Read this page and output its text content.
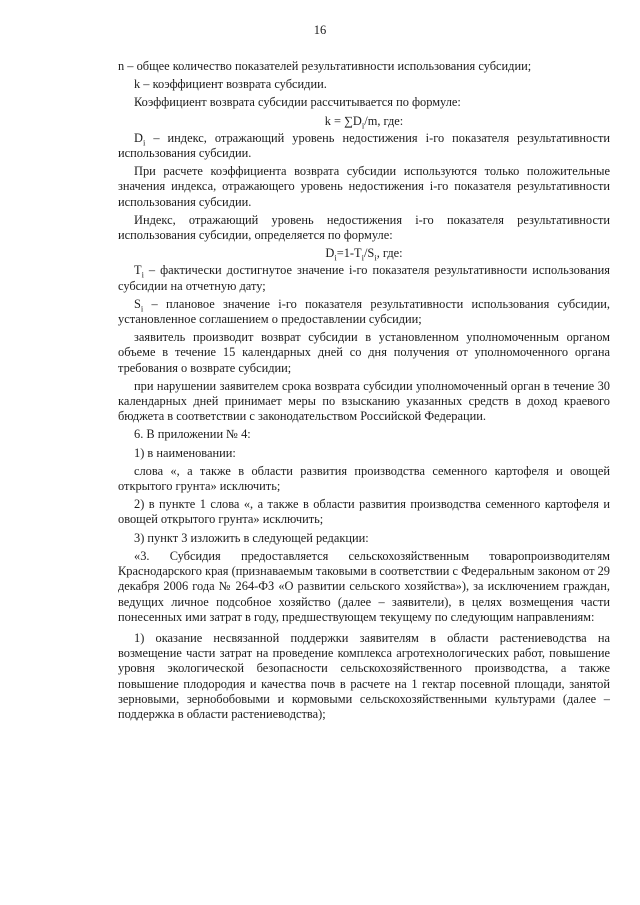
16

n – общее количество показателей результативности использования субсидии;

k – коэффициент возврата субсидии.

Коэффициент возврата субсидии рассчитывается по формуле:

$k = \sum D_i/m$, где:

$D_i$ – индекс, отражающий уровень недостижения i-го показателя результативности использования субсидии.

При расчете коэффициента возврата субсидии используются только положительные значения индекса, отражающего уровень недостижения i-го показателя результативности использования субсидии.

Индекс, отражающий уровень недостижения i-го показателя результативности использования субсидии, определяется по формуле:

$D_i=1-T_i/S_i$, где:

$T_i$ – фактически достигнутое значение i-го показателя результативности использования субсидии на отчетную дату;

$S_i$ – плановое значение i-го показателя результативности использования субсидии, установленное соглашением о предоставлении субсидии;

заявитель производит возврат субсидии в установленном уполномоченным органом объеме в течение 15 календарных дней со дня получения от уполномоченного органа требования о возврате субсидии;

при нарушении заявителем срока возврата субсидии уполномоченный орган в течение 30 календарных дней принимает меры по взысканию указанных средств в доход краевого бюджета в соответствии с законодательством Российской Федерации.

6. В приложении № 4:

1) в наименовании:

слова «, а также в области развития производства семенного картофеля и овощей открытого грунта» исключить;

2) в пункте 1 слова «, а также в области развития производства семенного картофеля и овощей открытого грунта» исключить;

3) пункт 3 изложить в следующей редакции:

«3. Субсидия предоставляется сельскохозяйственным товаропроизводителям Краснодарского края (признаваемым таковыми в соответствии с Федеральным законом от 29 декабря 2006 года № 264-ФЗ «О развитии сельского хозяйства»), за исключением граждан, ведущих личное подсобное хозяйство (далее – заявители), в целях возмещения части понесенных ими затрат в году, предшествующем текущему по следующим направлениям:

1) оказание несвязанной поддержки заявителям в области растениеводства на возмещение части затрат на проведение комплекса агротехнологических работ, повышение уровня экологической безопасности сельскохозяйственного производства, а также повышение плодородия и качества почв в расчете на 1 гектар посевной площади, занятой зерновыми, зернобобовыми и кормовыми сельскохозяйственными культурами (далее – поддержка в области растениеводства);
